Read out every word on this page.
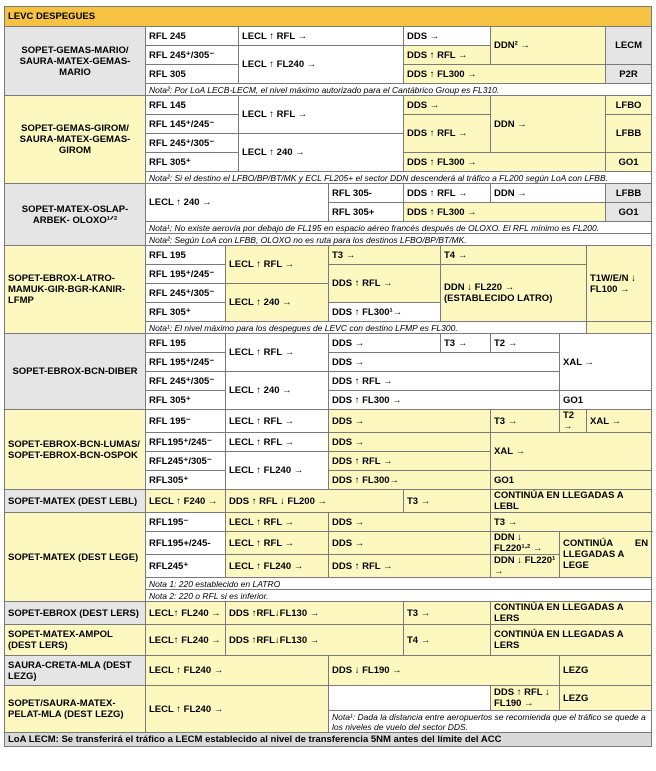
LEVC DESPEGUES											
SOPET-GEMAS-MARIO/ SAURA-MATEX-GEMAS-MARIO	RFL 245		LECL ↑ RFL →		DDS →		DDN² →			LECM	
	RFL 245⁺/305⁻		LECL ↑ FL240 →		DDS ↑ RFL →						
	RFL 305				DDS ↑ FL300 →					P2R	
	Nota²: Por LoA LECB-LECM, el nivel máximo autorizado para el Cantábrico Group es FL310.										
SOPET-GEMAS-GIROM/ SAURA-MATEX-GEMAS-GIROM	RFL 145		LECL ↑ RFL →		DDS →		DDN →			LFBO	
	RFL 145⁺/245⁻				DDS ↑ RFL →					LFBB	
	RFL 245⁺/305⁻		LECL ↑ 240 →								
	RFL 305⁺				DDS ↑ FL300 →					GO1	
	Nota²: Si el destino el LFBO/BP/BT/MK y ECL FL205+ el sector DDN descenderá al tráfico a FL200 según LoA con LFBB.										
SOPET-MATEX-OSLAP-ARBEK- OLOXO¹ᐟ²	LECL ↑ 240 →			RFL 305-	DDS ↑ RFL →		DDN →			LFBB	
				RFL 305+	DDS ↑ FL300 →					GO1	
	Nota¹: No existe aerovía por debajo de FL195 en espacio aéreo francés después de OLOXO. El RFL mínimo es FL200.										
	Nota²: Según LoA con LFBB, OLOXO no es ruta para los destinos LFBO/BP/BT/MK.										
SOPET-EBROX-LATRO-MAMUK-GIR-BGR-KANIR-LFMP	RFL 195	LECL ↑ RFL →		T3 →		T4 →			T1W/E/N ↓ FL100 →	
	RFL 195⁺/245⁻			DDS ↑ RFL →		DDN ↓ FL220 → (ESTABLECIDO LATRO)					
	RFL 245⁺/305⁻	LECL ↑ 240 →									
	RFL 305⁺			DDS ↑ FL300¹→							
	Nota¹: El nivel máximo para los despegues de LEVC con destino LFMP es FL300.										
SOPET-EBROX-BCN-DIBER	RFL 195	LECL ↑ RFL →		DDS →		T3 →	T2 →	XAL →	
	RFL 195⁺/245⁻			DDS →							
	RFL 245⁺/305⁻	LECL ↑ 240 →		DDS ↑ RFL →							
	RFL 305⁺			DDS ↑ FL300 →				GO1			
SOPET-EBROX-BCN-LUMAS/ SOPET-EBROX-BCN-OSPOK	RFL 195⁻	LECL ↑ RFL →		DDS →			T3 →	T2 →	XAL →	
	RFL195⁺/245⁻	LECL ↑ RFL →		DDS →			XAL →				
	RFL245⁺/305⁻	LECL ↑ FL240 →		DDS ↑ RFL →							
	RFL305⁺			DDS ↑ FL300→			GO1				
SOPET-MATEX (DEST LEBL)	LECL ↑ F240 →	DDS ↑ RFL ↓ FL200 →			T3 →		CONTINÚA EN LLEGADAS A LEBL				
SOPET-MATEX (DEST LEGE)	RFL195⁻	LECL ↑ RFL →		DDS →			T3 →				
	RFL195+/245-	LECL ↑ RFL →		DDS →			DDN ↓ FL220¹ᐧ² →	CONTINÚA EN
LLEGADAS A LEGE			
	RFL245⁺	LECL ↑ FL240 →		DDS ↑ RFL →			DDN ↓ FL220¹ →				
	Nota 1: 220 establecido en LATRO										
	Nota 2: 220 o RFL si es inferior.										
SOPET-EBROX (DEST LERS)	LECL↑ FL240 →	DDS ↑RFL↓FL130 →			T3 →		CONTINÚA EN LLEGADAS A LERS				
SOPET-MATEX-AMPOL (DEST LERS)	LECL↑ FL240 →	DDS ↑RFL↓FL130 →			T4 →		CONTINÚA EN LLEGADAS A LERS				
SAURA-CRETA-MLA (DEST LEZG)	LECL ↑ FL240 →			DDS ↓ FL190 →				LEZG			
SOPET/SAURA-MATEX-PELAT-MLA (DEST LEZG)	LECL ↑ FL240 →						DDS ↑ RFL ↓ FL190 →	LEZG			
				Nota¹: Dada la distancia entre aeropuertos se recomienda que el tráfico se quede a los niveles de vuelo del sector DDS.							
LoA LECM: Se transferirá el tráfico a LECM establecido al nivel de transferencia 5NM antes del límite del ACC											
